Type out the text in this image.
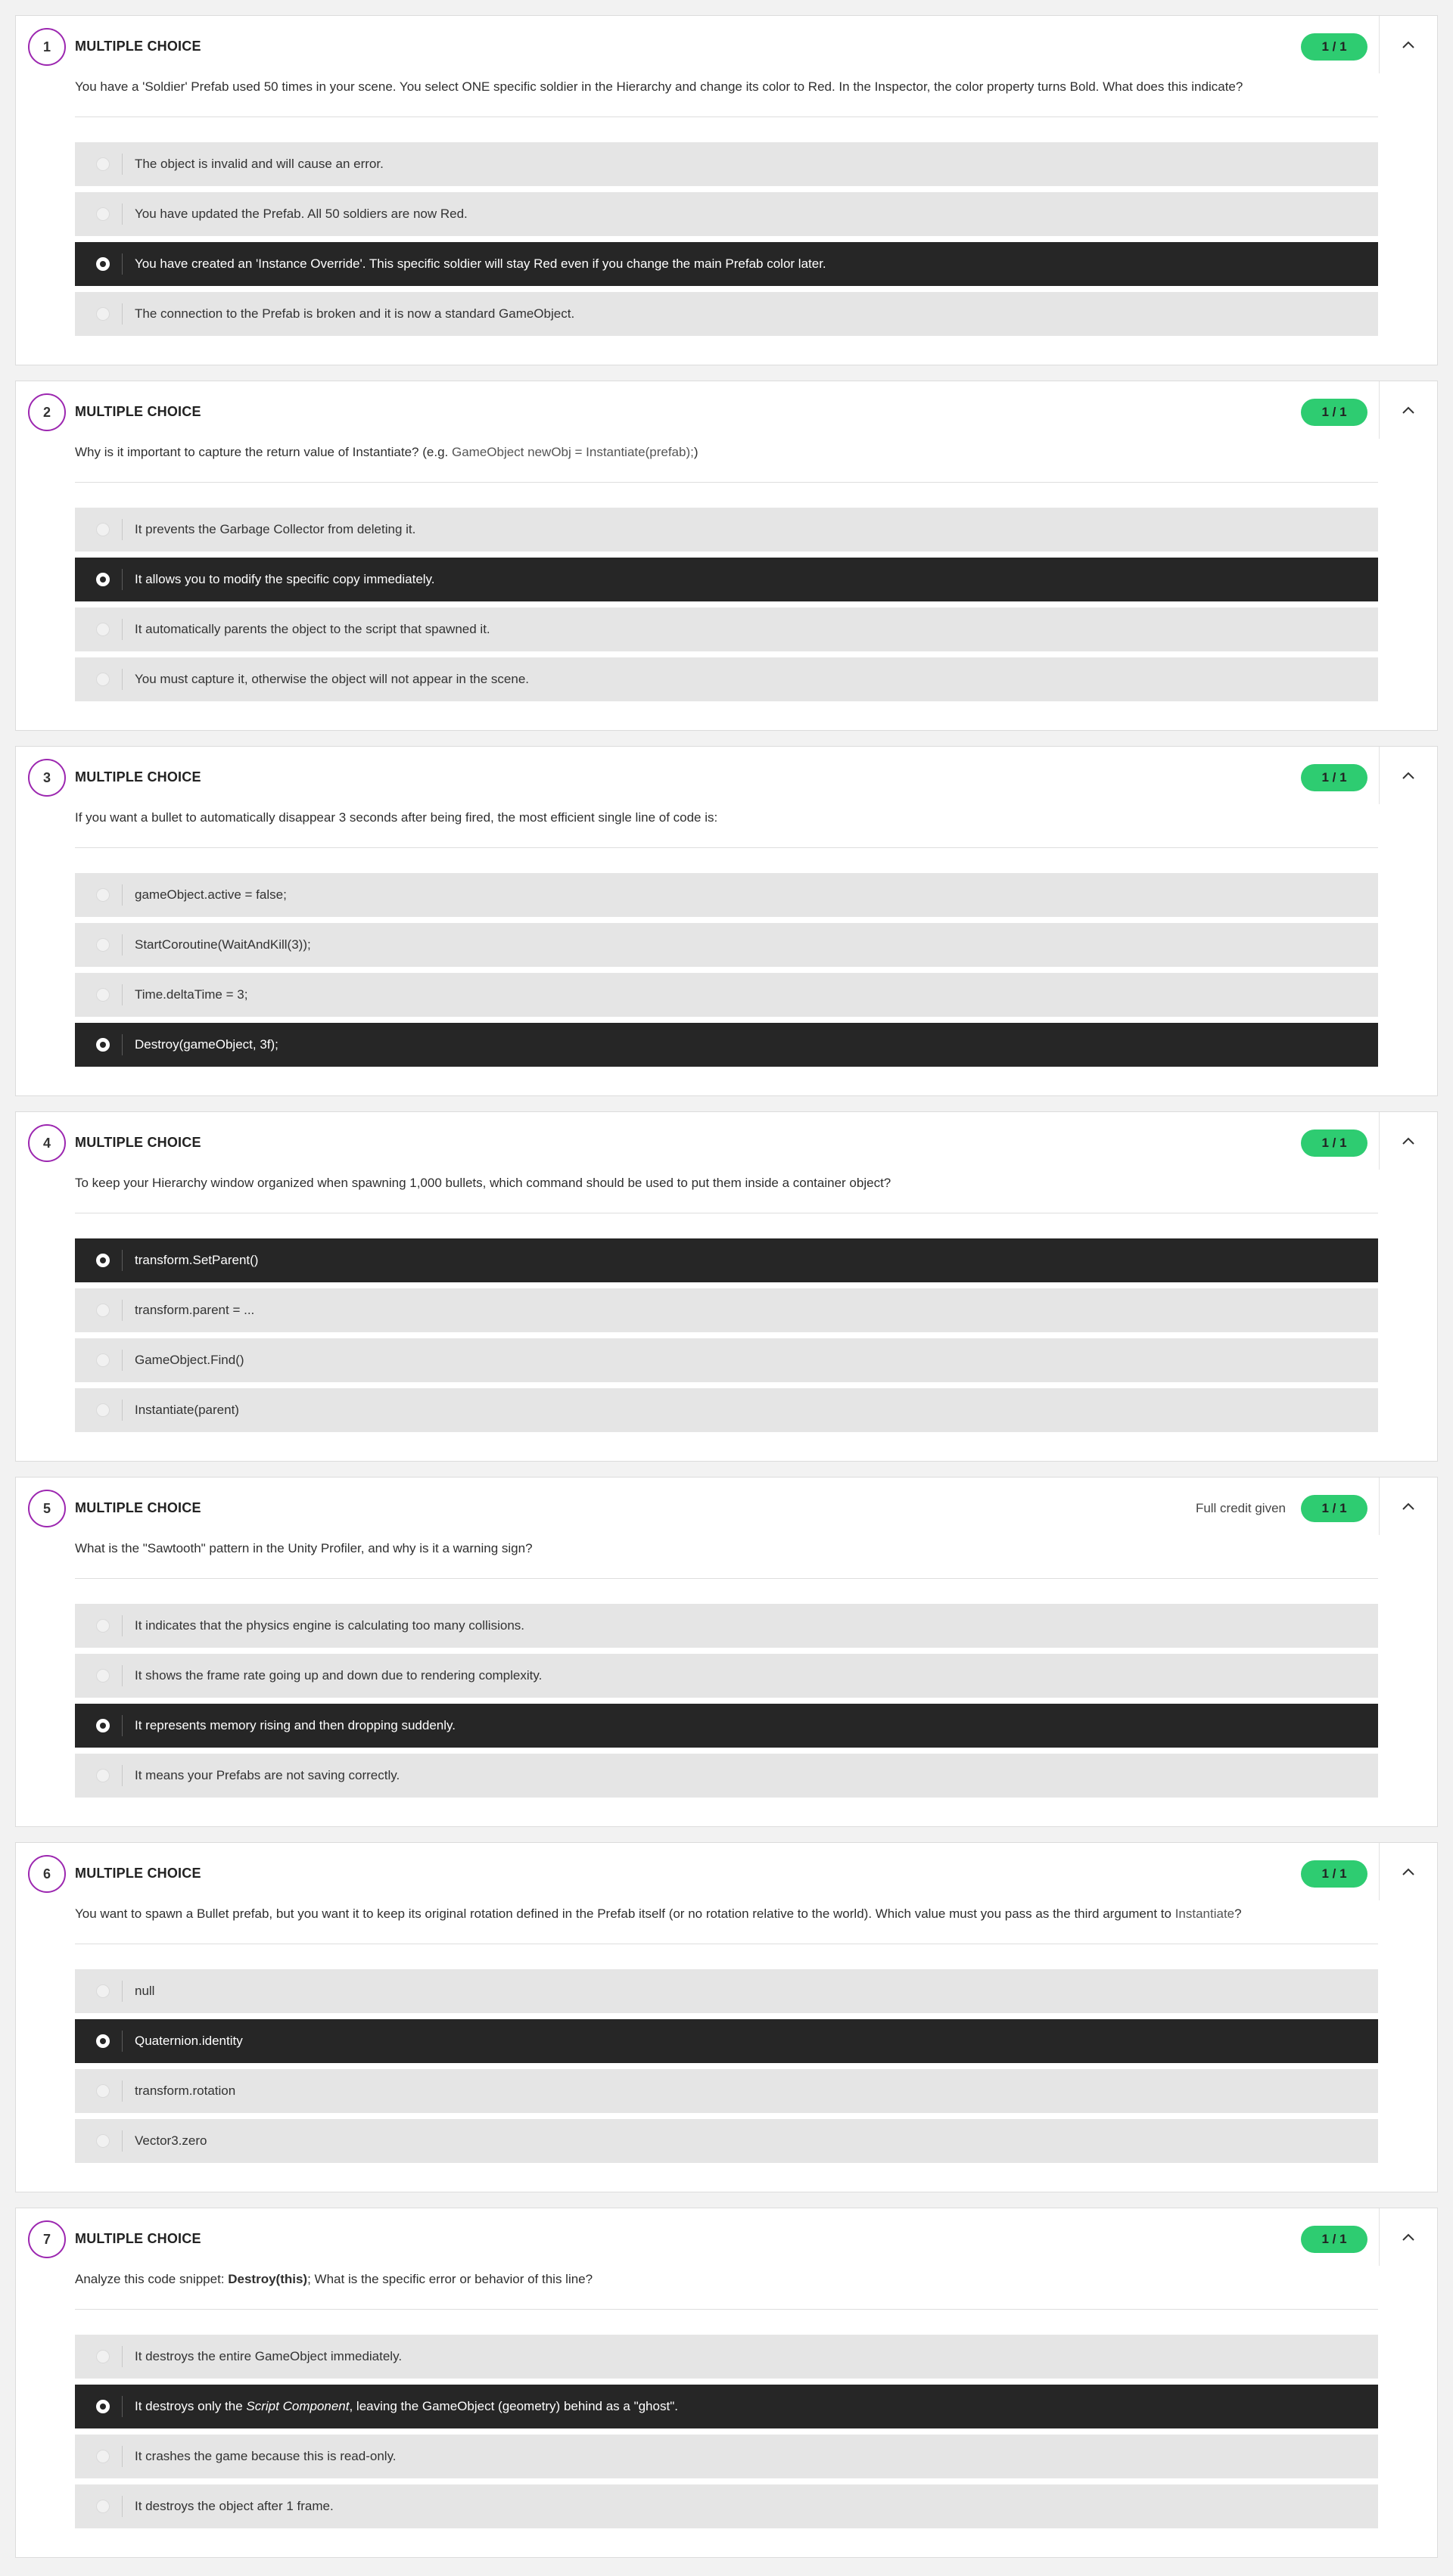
1	MULTIPLE CHOICE	1 / 1
You have a 'Soldier' Prefab used 50 times in your scene. You select ONE specific soldier in the Hierarchy and change its color to Red. In the Inspector, the color property turns Bold. What does this indicate?
The object is invalid and will cause an error.
You have updated the Prefab. All 50 soldiers are now Red.
You have created an 'Instance Override'. This specific soldier will stay Red even if you change the main Prefab color later.
The connection to the Prefab is broken and it is now a standard GameObject.
2	MULTIPLE CHOICE	1 / 1
Why is it important to capture the return value of Instantiate? (e.g. GameObject newObj = Instantiate(prefab);)
It prevents the Garbage Collector from deleting it.
It allows you to modify the specific copy immediately.
It automatically parents the object to the script that spawned it.
You must capture it, otherwise the object will not appear in the scene.
3	MULTIPLE CHOICE	1 / 1
If you want a bullet to automatically disappear 3 seconds after being fired, the most efficient single line of code is:
gameObject.active = false;
StartCoroutine(WaitAndKill(3));
Time.deltaTime = 3;
Destroy(gameObject, 3f);
4	MULTIPLE CHOICE	1 / 1
To keep your Hierarchy window organized when spawning 1,000 bullets, which command should be used to put them inside a container object?
transform.SetParent()
transform.parent = ...
GameObject.Find()
Instantiate(parent)
5	MULTIPLE CHOICE	Full credit given	1 / 1
What is the "Sawtooth" pattern in the Unity Profiler, and why is it a warning sign?
It indicates that the physics engine is calculating too many collisions.
It shows the frame rate going up and down due to rendering complexity.
It represents memory rising and then dropping suddenly.
It means your Prefabs are not saving correctly.
6	MULTIPLE CHOICE	1 / 1
You want to spawn a Bullet prefab, but you want it to keep its original rotation defined in the Prefab itself (or no rotation relative to the world). Which value must you pass as the third argument to Instantiate?
null
Quaternion.identity
transform.rotation
Vector3.zero
7	MULTIPLE CHOICE	1 / 1
Analyze this code snippet: Destroy(this); What is the specific error or behavior of this line?
It destroys the entire GameObject immediately.
It destroys only the Script Component, leaving the GameObject (geometry) behind as a "ghost".
It crashes the game because this is read-only.
It destroys the object after 1 frame.
